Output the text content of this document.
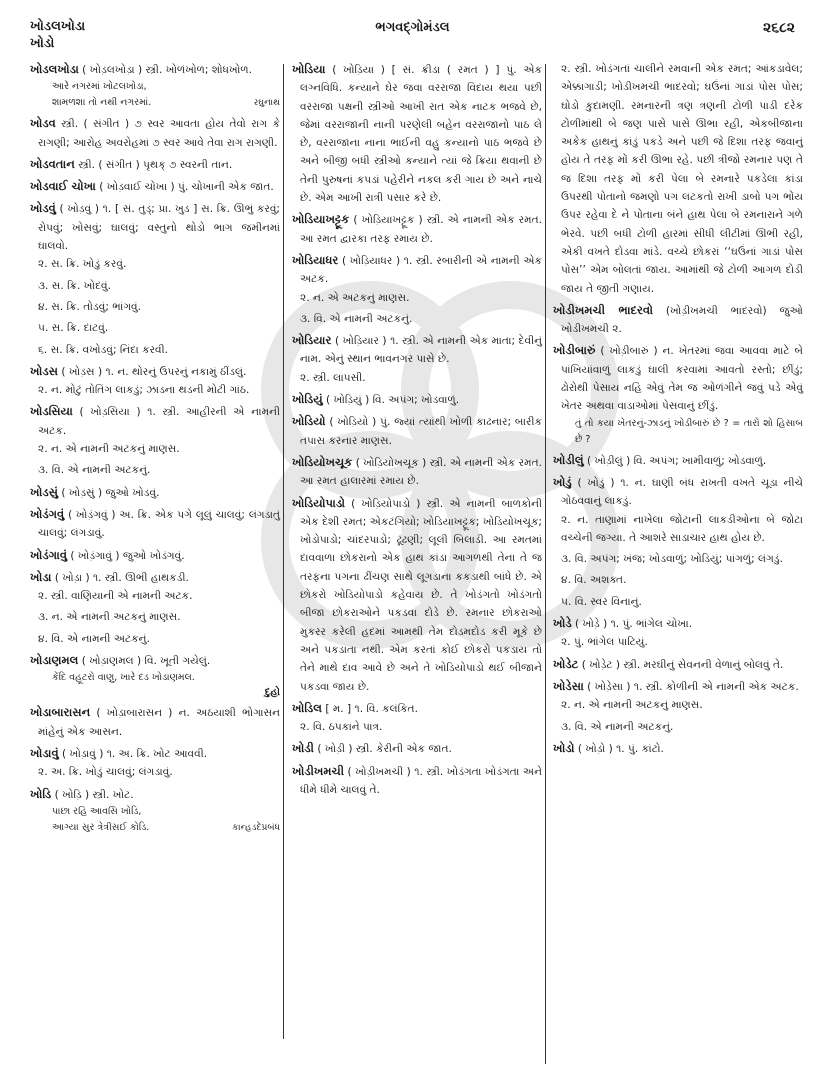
ખોડલખોડા
ખોડો
ભગવદ્ગોમંડલ	૨૬૮૨
ખોડલખોડા ( ખોડ઼લખોડ઼ા ) સ્ત્રી. ખોળંખોળ; શોધખોળ.
આરે નગરમાં ખોટલખોડા,
રઘુનાથ
શામળશા તો નથી નગરમાં.
ખોડવ સ્ત્રી. ( સંગીત ) ૭ સ્વર આવતા હોય તેવો રાગ કે રાગણી; આરોહ અવરોહમાં ૭ સ્વર આવે તેવા રાગ રાગણી.
ખોડવતાન સ્ત્રી. ( સંગીત ) પૃથક્ ૭ સ્વરની તાન.
ખોડવાઈ ચોખા ( ખોડ઼વાઈ ચોખા ) પું. ચોખાની એક જાત.
ખોડવું ( ખોડ઼વું ) ૧. [ સં. તુડ્; પ્રા. ખુડ ] સ. ક્રિ. ઊભું કરવું; રોપવું; ખોસવું; ઘાલવું; વસ્તુનો થોડો ભાગ જમીનમાં ઘાલવો.
૨. સ. ક્રિ. ખોડું કરવું.
૩. સ. ક્રિ. ખોદવું.
૪. સ. ક્રિ. તોડવું; ભાંગવું.
૫. સ. ક્રિ. દાટવું.
૬. સ. ક્રિ. વખોડવું; નિંદા કરવી.
ખોડસ ( ખોડ઼સ ) ૧. ન. થોરનું ઉપરનું નકામું ઠીંડલું.
૨. ન. મોટું તોતિંગ લાકડું; ઝાડના થડની મોટી ગાંઠ.
ખોડસિયા ( ખોડ઼સિયા ) ૧. સ્ત્રી. આહીરની એ નામની અટક.
૨. ન. એ નામની અટકનું માણસ.
૩. વિ. એ નામની અટકનું.
ખોડસું ( ખોડ઼સું ) જુઓ ખોડવું.
ખોડંગવું ( ખોડ઼ંગવું ) અ. ક્રિ. એક પગે લૂલું ચાલવું; લંગડાતું ચાલવું; લંગડાવું.
ખોડંગાવું ( ખોડ઼ંગાવું ) જુઓ ખોડંગવું.
ખોડા ( ખોડ઼ા ) ૧. સ્ત્રી. ઊભી હાથકડી.
૨. સ્ત્રી. વાણિયાની એ નામની અટક.
૩. ન. એ નામની અટકનું માણસ.
૪. વિ. એ નામની અટકનું.
ખોડાણમલ ( ખોડ઼ાણમલ ) વિ. ખૂતી ગયેલું.
કેંદિ વહૂટરો વાણુ, ખારે દડ ખોડાણમલ.
દુહો
ખોડાબારાસન ( ખોડ઼ાબારાસન ) ન. અઠયાશી ભોગાસન માંહેનું એક આસન.
ખોડાવું ( ખોડ઼ાવું ) ૧. અ. ક્રિ. ખોટ આવવી.
૨. અ. ક્રિ. ખોડું ચાલવું; લંગડાવું.
ખોડિ ( ખોડ઼િ ) સ્ત્રી. ખોટ.
પાછા રહિ આવસિ ખોડિ,
કાન્હડદેપ્રબંધ
આગ્યા સુર ત્રેત્રીસઈ કોડિ.
ખોડિયા ( ખોડ઼િયા ) [ સં. ક્રીડા ( રમત ) ] પું. એક લગ્નવિધિ. કન્યાને ઘેર જવા વરરાજા વિદાય થયા પછી વરરાજા પક્ષની સ્ત્રીઓ આખી રાત એક નાટક ભજવે છે, જેમાં વરરાજાની નાની પરણેલી બહેન વરરાજાનો પાઠ લે છે, વરરાજાના નાના ભાઈની વહુ કન્યાનો પાઠ ભજવે છે અને બીજી બધી સ્ત્રીઓ કન્યાને ત્યાં જે ક્રિયા થવાની છે તેની પુરુષનાં કપડાં પહેરીને નકલ કરી ગાય છે અને નાચે છે. એમ આખી રાત્રી પસાર કરે છે.
ખોડિયાખટ્ટૂક ( ખોડ઼િયાખટ્ટૂક ) સ્ત્રી. એ નામની એક રમત. આ રમત દ્વારકા તરફ રમાય છે.
ખોડિયાધર ( ખોડ઼િયાધર ) ૧. સ્ત્રી. રબારીની એ નામની એક અટક.
૨. ન. એ અટકનું માણસ.
૩. વિ. એ નામની અટકનું.
ખોડિયાર ( ખોડ઼િયાર ) ૧. સ્ત્રી. એ નામની એક માતા; દેવીનું નામ. એનું સ્થાન ભાવનગર પાસે છે.
૨. સ્ત્રી. લાપસી.
ખોડિયું ( ખોડ઼િયું ) વિ. અપંગ; ખોડવાળું.
ખોડિયો ( ખોડ઼િયો ) પું. જ્યાં ત્યાંથી ખોળી કાઢનાર; બારીક તપાસ કરનાર માણસ.
ખોડિયોખચૂક ( ખોડ઼િયોખચૂક ) સ્ત્રી. એ નામની એક રમત. આ રમત હાલારમાં રમાય છે.
ખોડિયોપાડો ( ખોડ઼િયોપાડો ) સ્ત્રી. એ નામની બાળકોની એક દેશી રમત; એકટંગિયો; ખોડિયાખટ્ટૂક; ખોડિયોખચૂક; ખોડોપાડો; ચાંદરપાડો; ઢૂંઢણી; લૂલી બિલાડી. આ રમતમાં દાવવાળા છોકરાનો એક હાથ કાંડા આગળથી તેના તે જ તરફના પગના ઢીંચણ સાથે લૂગડાના કકડાથી બાંધે છે. એ છોકરો ખોડિયોપાડો કહેવાય છે. તે ખોડંગતો ખોડંગતો બીજા છોકરાઓને પકડવા દોડે છે. રમનાર છોકરાઓ મુકરર કરેલી હદમાં આમથી તેમ દોડમદોડ કરી મૂકે છે અને પકડાતા નથી. એમ કરતાં કોઈ છોકરો પકડાય તો તેને માથે દાવ આવે છે અને તે ખોડિયોપાડો થઈ બીજાને પકડવા જાય છે.
ખોડિલ [ મ. ] ૧. વિ. કલંકિત.
૨. વિ. ઠપકાને પાત્ર.
ખોડી ( ખોડ઼ી ) સ્ત્રી. કેરીની એક જાત.
ખોડીખમચી ( ખોડ઼ીખમચી ) ૧. સ્ત્રી. ખોડંગતા ખોડંગતા અને ધીમે ધીમે ચાલવું તે.
૨. સ્ત્રી. ખોડંગતાં ચાલીને રમવાની એક રમત; આંકડાવેલ; એક્કાગાડી; ખોડીખમચી ભાદરવો; ઘઉંનાં ગાડાં પોસ પોસ; ઘોડો કુદામણી. રમનારની ત્રણ ત્રણની ટોળી પાડી દરેક ટોળીમાંથી બે જણ પાસે પાસે ઊભા રહી, એકબીજાના અકેક હાથનું કાંડું પકડે અને પછી જે દિશા તરફ જવાનું હોય તે તરફ મોં કરી ઊભા રહે. પછી ત્રીજો રમનાર પણ તે જ દિશા તરફ મોં કરી પેલા બે રમનારે પકડેલા કાંડા ઉપરથી પોતાનો જમણો પગ લટકતો રાખી ડાબો પગ ભોંય ઉપર રહેવા દે ને પોતાના બંને હાથ પેલા બે રમનારાને ગળે ભેરવે. પછી બધી ટોળી હારમાં સીધી લીટીમાં ઊભી રહી, એકી વખતે દોડવા માંડે. વચ્ચે છોકરાં ‘‘ઘઉંનાં ગાડાં પોસ પોસ’’ એમ બોલતાં જાય. આમાંથી જે ટોળી આગળ દોડી જાય તે જીતી ગણાય.
ખોડીખમચી ભાદરવો (ખોડ઼ીખમચી ભાદરવો) જુઓ ખોડીખમચી ૨.
ખોડીબારું ( ખોડ઼ીબારું ) ન. ખેતરમાં જવા આવવા માટે બે પાંખિયાંવાળું લાકડું ઘાલી કરવામાં આવતો રસ્તો; છીંડું; ઢોરોથી પેસાય નહિ એવું તેમ જ ઓળંગીને જવું પડે એવું ખેતર અથવા વાડાઓમાં પેસવાનું છીંડું.
તું તો કયા ખેતરનું-ઝાડનું ખોડીબારું છે ? = તારો શો હિસાબ છે ?
ખોડીલું ( ખોડ઼ીલું ) વિ. અપંગ; ખામીવાળું; ખોડવાળું.
ખોડું ( ખોડ઼ું ) ૧. ન. ઘાણી બંધ રાખતી વખતે ચૂડા નીચે ગોઠવવાનું લાકડું.
૨. ન. તાણામાં નાખેલા જોટાની લાકડીઓના બે જોટા વચ્ચેની જગ્યા. તે આશરે સાડાચાર હાથ હોય છે.
૩. વિ. અપંગ; ખંજ; ખોડવાળું; ખોડિયું; પાંગળું; લંગડું.
૪. વિ. અશક્ત.
૫. વિ. સ્વર વિનાનું.
ખોડે ( ખોડ઼ે ) ૧. પું. ભાંગેલ ચોખા.
૨. પું. ભાંગેલ પાટિયું.
ખોડેટ ( ખોડ઼ેટ ) સ્ત્રી. મરઘીનું સેવનની વેળાનું બોલવું તે.
ખોડેસા ( ખોડ઼ેસા ) ૧. સ્ત્રી. કોળીની એ નામની એક અટક.
૨. ન. એ નામની અટકનું માણસ.
૩. વિ. એ નામની અટકનું.
ખોડો ( ખોડ઼ો ) ૧. પું. કાંટો.
